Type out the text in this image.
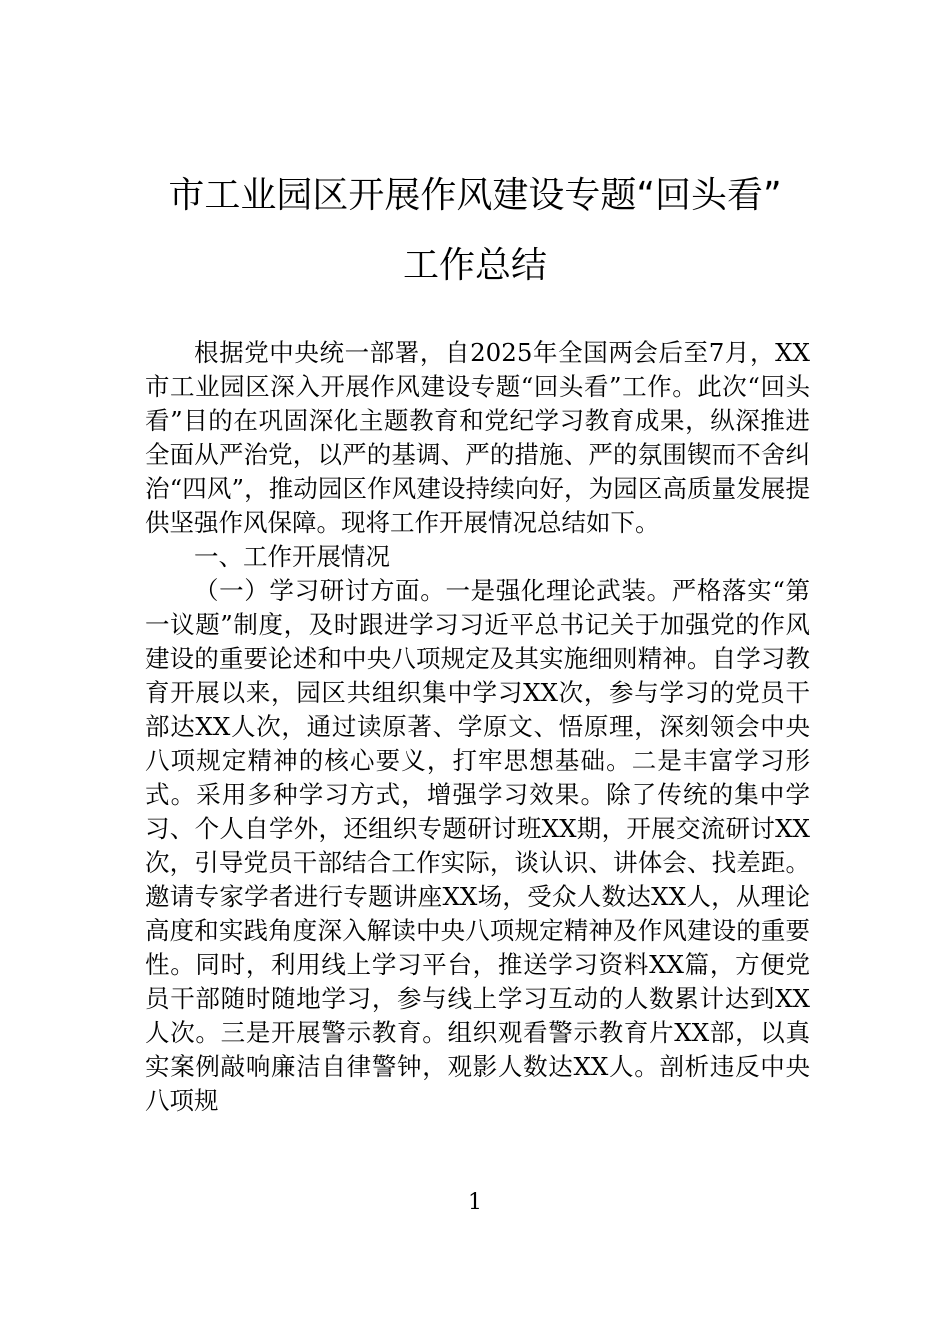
市工业园区开展作风建设专题“回头看”
工作总结

根据党中央统一部署，自2025年全国两会后至7月，XX市工业园区深入开展作风建设专题“回头看”工作。此次“回头看”目的在巩固深化主题教育和党纪学习教育成果，纵深推进全面从严治党，以严的基调、严的措施、严的氛围锲而不舍纠治“四风”，推动园区作风建设持续向好，为园区高质量发展提供坚强作风保障。现将工作开展情况总结如下。

一、工作开展情况

（一）学习研讨方面。一是强化理论武装。严格落实“第一议题”制度，及时跟进学习习近平总书记关于加强党的作风建设的重要论述和中央八项规定及其实施细则精神。自学习教育开展以来，园区共组织集中学习XX次，参与学习的党员干部达XX人次，通过读原著、学原文、悟原理，深刻领会中央八项规定精神的核心要义，打牢思想基础。二是丰富学习形式。采用多种学习方式，增强学习效果。除了传统的集中学习、个人自学外，还组织专题研讨班XX期，开展交流研讨XX次，引导党员干部结合工作实际，谈认识、讲体会、找差距。邀请专家学者进行专题讲座XX场，受众人数达XX人，从理论高度和实践角度深入解读中央八项规定精神及作风建设的重要性。同时，利用线上学习平台，推送学习资料XX篇，方便党员干部随时随地学习，参与线上学习互动的人数累计达到XX人次。三是开展警示教育。组织观看警示教育片XX部，以真实案例敲响廉洁自律警钟，观影人数达XX人。剖析违反中央八项规

1
